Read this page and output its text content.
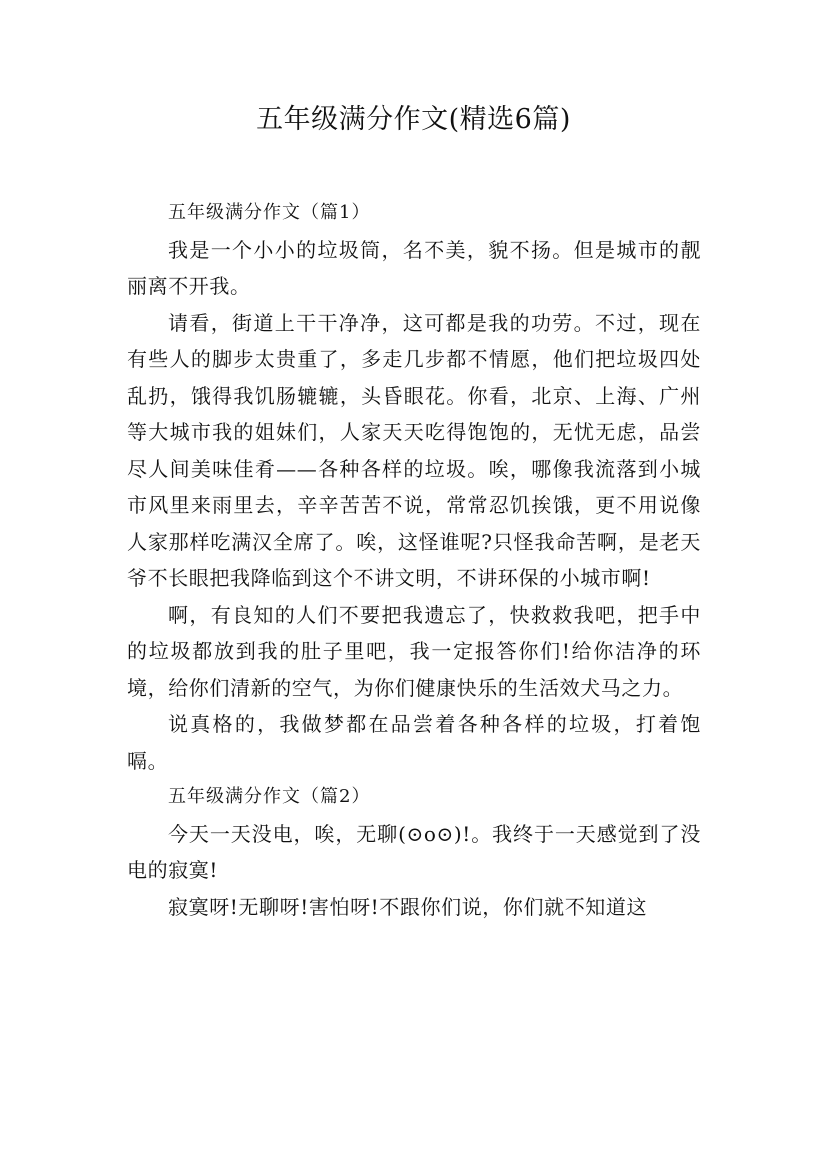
五年级满分作文(精选6篇)

五年级满分作文（篇1）

我是一个小小的垃圾筒，名不美，貌不扬。但是城市的靓丽离不开我。

请看，街道上干干净净，这可都是我的功劳。不过，现在有些人的脚步太贵重了，多走几步都不情愿，他们把垃圾四处乱扔，饿得我饥肠辘辘，头昏眼花。你看，北京、上海、广州等大城市我的姐妹们，人家天天吃得饱饱的，无忧无虑，品尝尽人间美味佳肴——各种各样的垃圾。唉，哪像我流落到小城市风里来雨里去，辛辛苦苦不说，常常忍饥挨饿，更不用说像人家那样吃满汉全席了。唉，这怪谁呢?只怪我命苦啊，是老天爷不长眼把我降临到这个不讲文明，不讲环保的小城市啊!

啊，有良知的人们不要把我遗忘了，快救救我吧，把手中的垃圾都放到我的肚子里吧，我一定报答你们!给你洁净的环境，给你们清新的空气，为你们健康快乐的生活效犬马之力。

说真格的，我做梦都在品尝着各种各样的垃圾，打着饱嗝。

五年级满分作文（篇2）

今天一天没电，唉，无聊(⊙o⊙)!。我终于一天感觉到了没电的寂寞!

寂寞呀!无聊呀!害怕呀!不跟你们说，你们就不知道这
